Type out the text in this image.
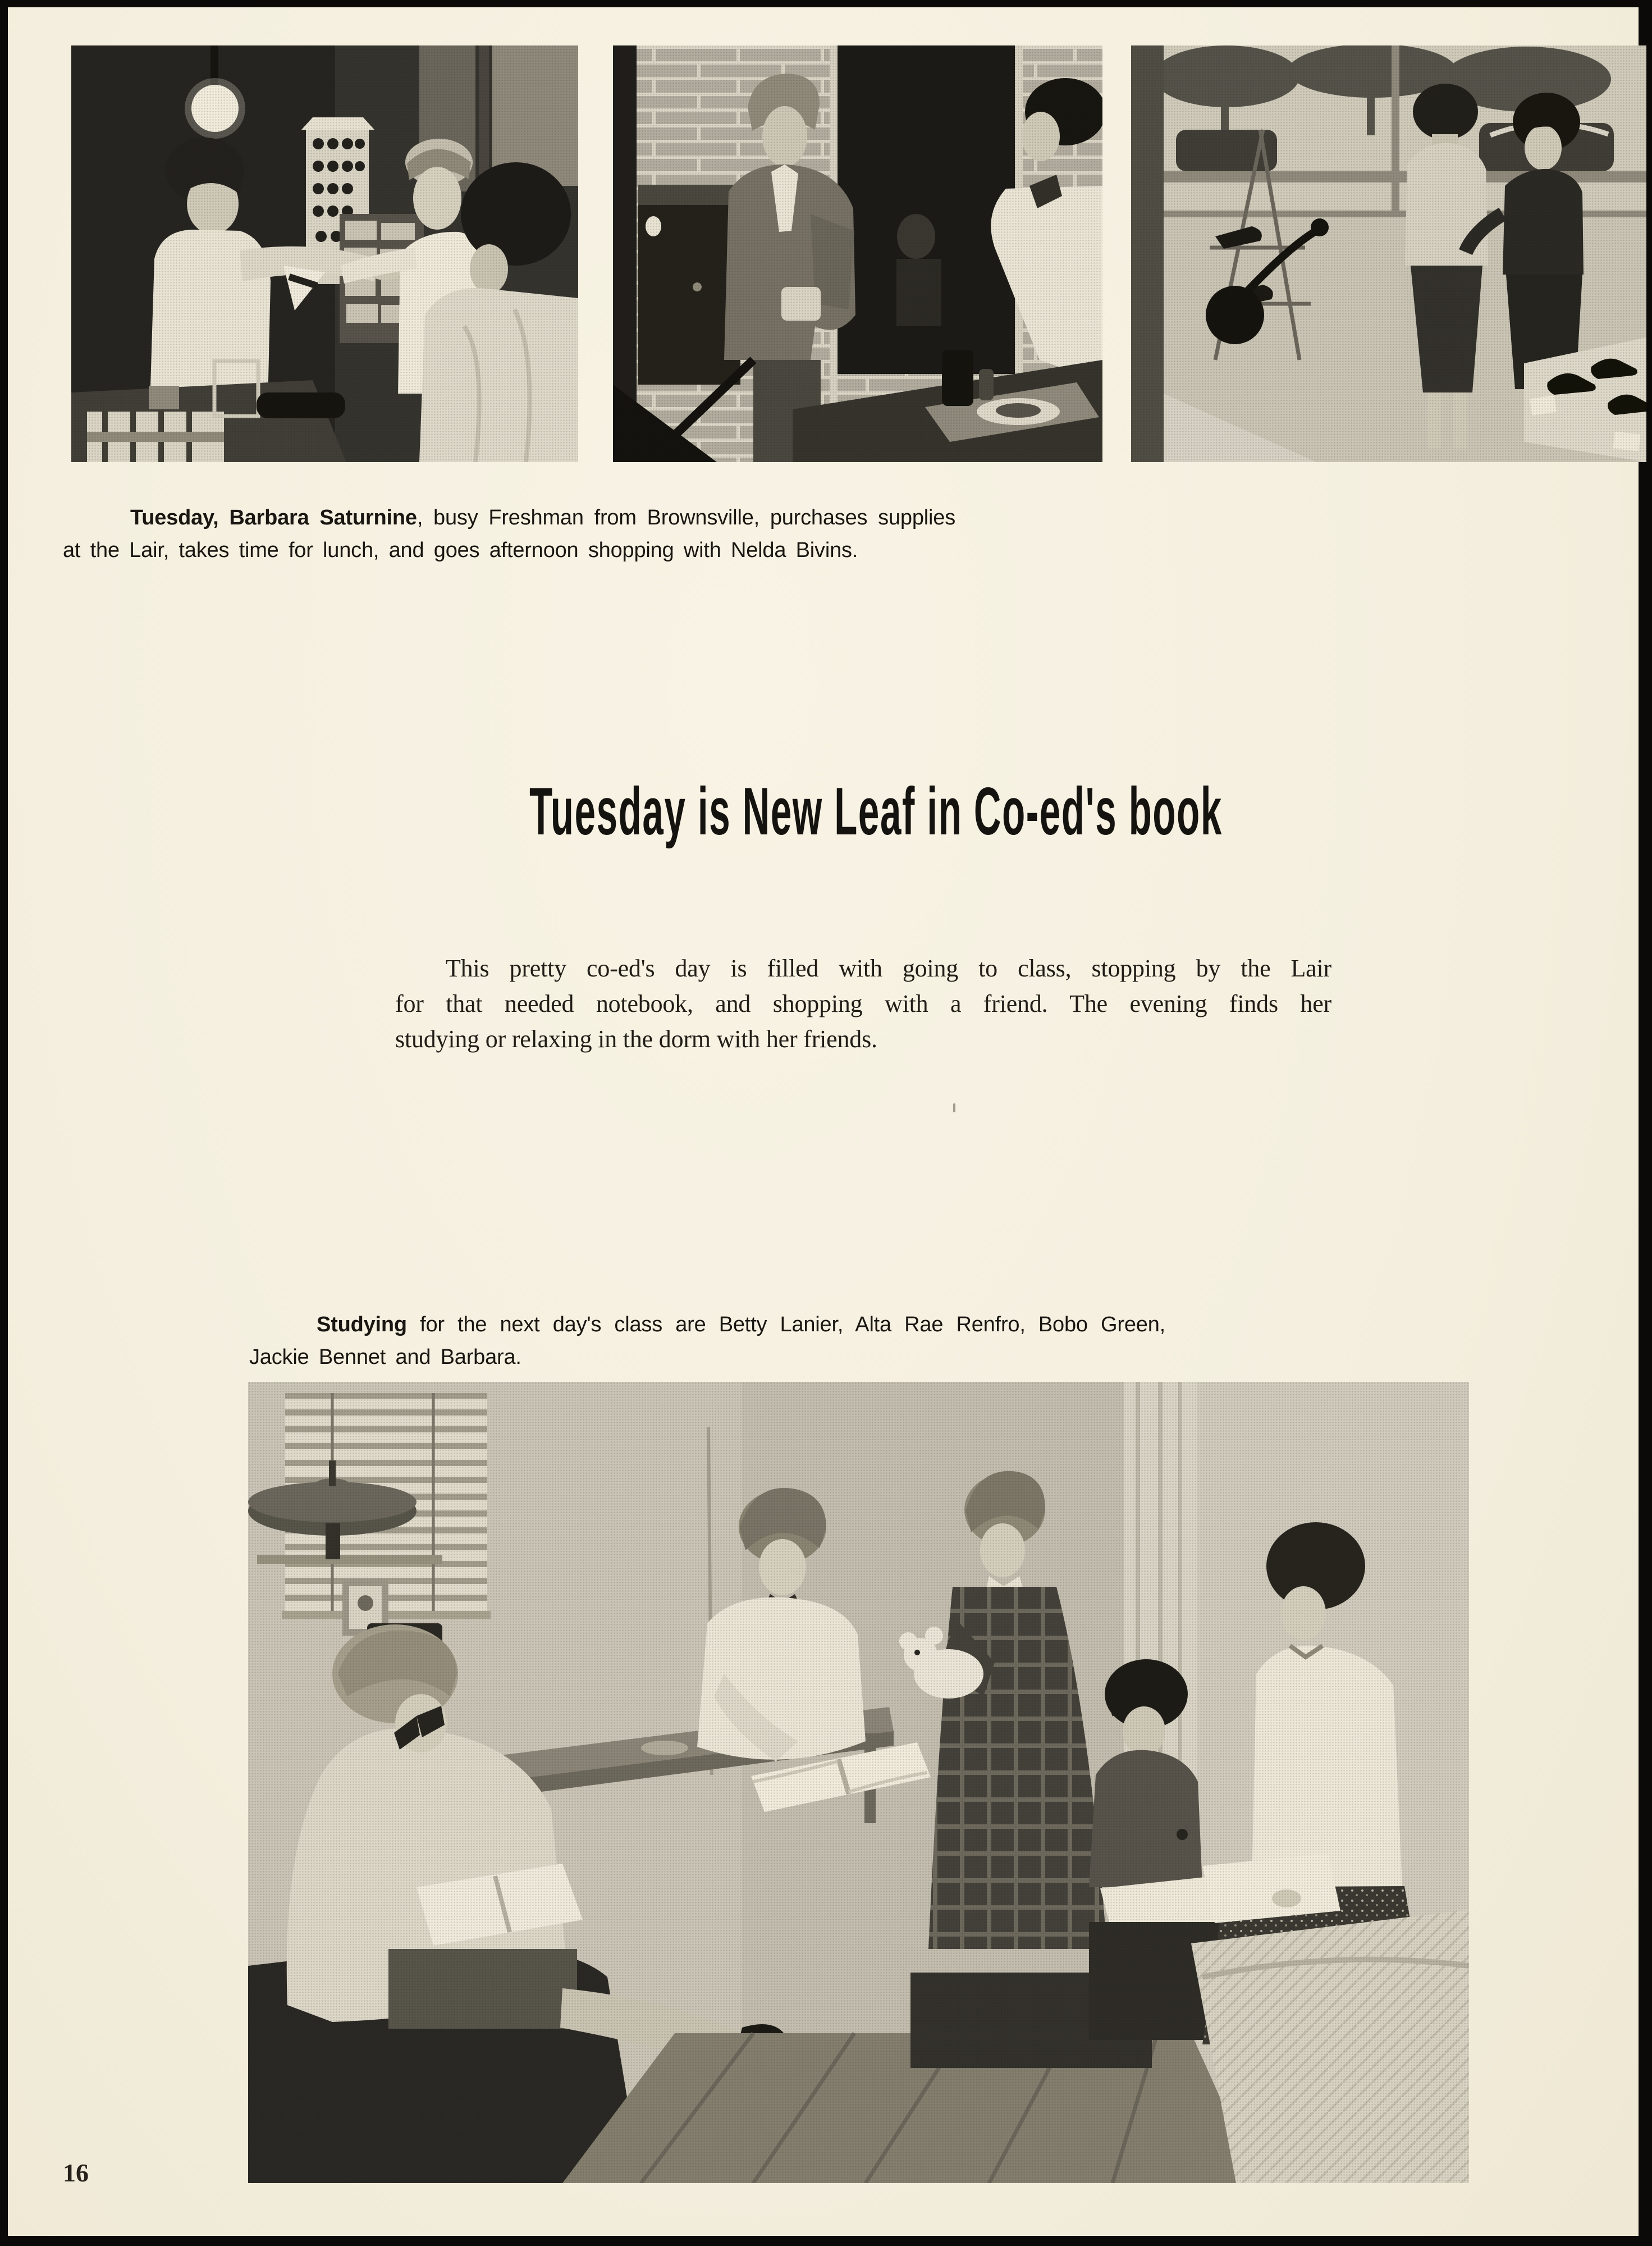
Tuesday, Barbara Saturnine, busy Freshman from Brownsville, purchases supplies at the Lair, takes time for lunch, and goes afternoon shopping with Nelda Bivins.

Tuesday is New Leaf in Co-ed's book
This pretty co-ed's day is filled with going to class, stopping by the Lair
for that needed notebook, and shopping with a friend. The evening finds her
studying or relaxing in the dorm with her friends.

Studying for the next day's class are Betty Lanier, Alta Rae Renfro, Bobo Green, Jackie Bennet and Barbara.

16
